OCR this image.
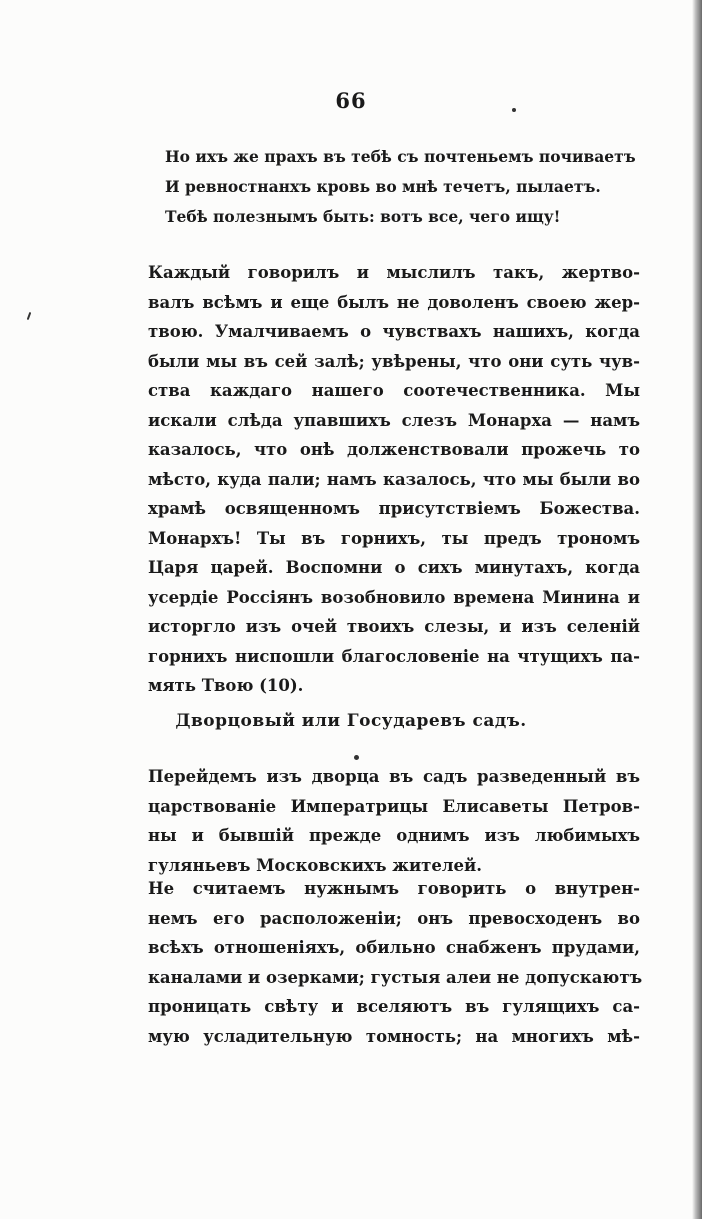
66
Но ихъ же прахъ въ тебѣ съ почтеньемъ почиваетъ
И ревностнанхъ кровь во мнѣ течетъ, пылаетъ.
Тебѣ полезнымъ быть: вотъ все, чего ищу!
Каждый говорилъ и мыслилъ такъ, жертво-
валъ всѣмъ и еще былъ не доволенъ своею жер-
твою. Умалчиваемъ о чувствахъ нашихъ, когда
были мы въ сей залѣ; увѣрены, что они суть чув-
ства каждаго нашего соотечественника. Мы
искали слѣда упавшихъ слезъ Монарха — намъ
казалось, что онѣ долженствовали прожечь то
мѣсто, куда пали; намъ казалось, что мы были во
храмѣ освященномъ присутствіемъ Божества.
Монархъ! Ты въ горнихъ, ты предъ трономъ
Царя царей. Воспомни о сихъ минутахъ, когда
усердіе Россіянъ возобновило времена Минина и
исторгло изъ очей твоихъ слезы, и изъ селеній
горнихъ ниспошли благословеніе на чтущихъ па-
мять Твою (10).
Дворцовый или Государевъ садъ.
Перейдемъ изъ дворца въ садъ разведенный въ
царствованіе Императрицы Елисаветы Петров-
ны и бывшій прежде однимъ изъ любимыхъ
гуляньевъ Московскихъ жителей.
Не считаемъ нужнымъ говорить о внутрен-
немъ его расположеніи; онъ превосходенъ во
всѣхъ отношеніяхъ, обильно снабженъ прудами,
каналами и озерками; густыя алеи не допускаютъ
проницать свѣту и вселяютъ въ гулящихъ са-
мую усладительную томность; на многихъ мѣ-
